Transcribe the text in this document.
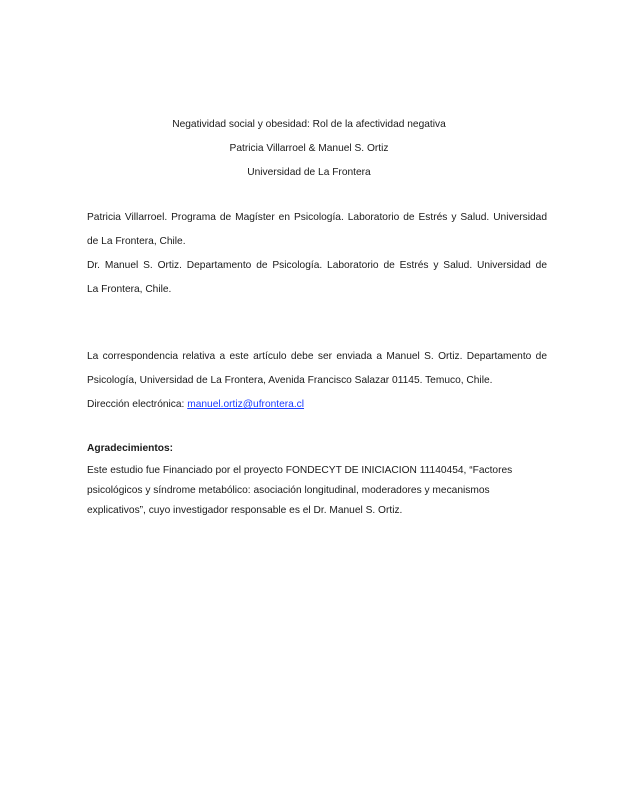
Negatividad social y obesidad: Rol de la afectividad negativa
Patricia Villarroel & Manuel S. Ortiz
Universidad de La Frontera
Patricia Villarroel. Programa de Magíster en Psicología. Laboratorio de Estrés y Salud. Universidad
de La Frontera, Chile.
Dr. Manuel S. Ortiz. Departamento de Psicología. Laboratorio de Estrés y Salud. Universidad de
La Frontera, Chile.
La correspondencia relativa a este artículo debe ser enviada a Manuel S. Ortiz. Departamento de
Psicología, Universidad de La Frontera, Avenida Francisco Salazar 01145. Temuco, Chile.
Dirección electrónica: manuel.ortiz@ufrontera.cl
Agradecimientos:
Este estudio fue Financiado por el proyecto FONDECYT DE INICIACION 11140454, “Factores
psicológicos y síndrome metabólico: asociación longitudinal, moderadores y mecanismos
explicativos”, cuyo investigador responsable es el Dr. Manuel S. Ortiz.
